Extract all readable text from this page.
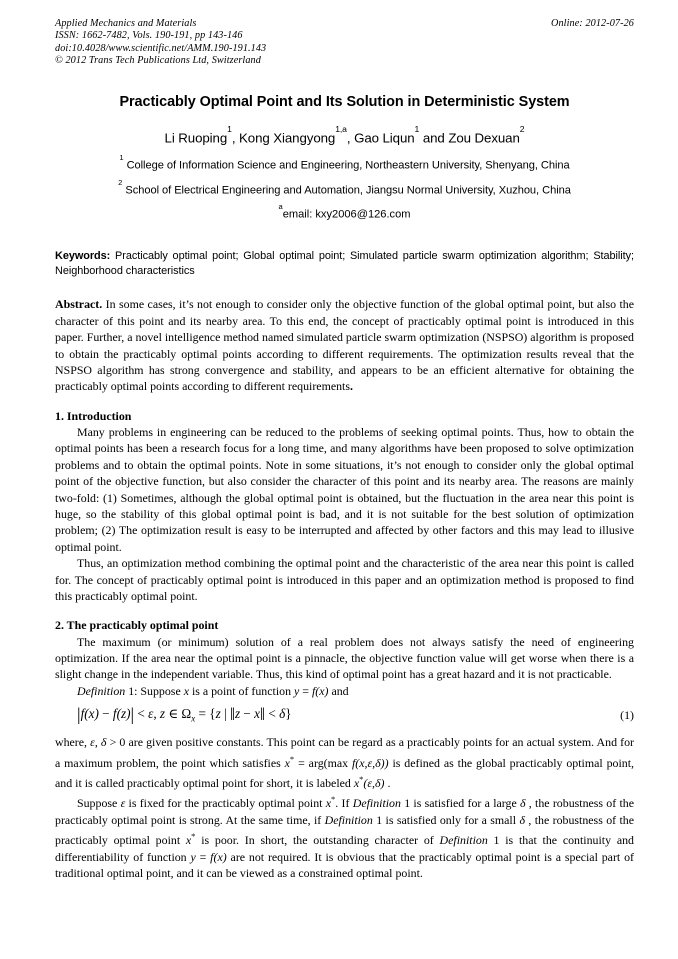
Applied Mechanics and Materials
ISSN: 1662-7482, Vols. 190-191, pp 143-146
doi:10.4028/www.scientific.net/AMM.190-191.143
© 2012 Trans Tech Publications Ltd, Switzerland
Online: 2012-07-26
Practicably Optimal Point and Its Solution in Deterministic System
Li Ruoping$^1$, Kong Xiangyong$^{1,a}$, Gao Liqun$^1$ and Zou Dexuan$^2$
$^1$ College of Information Science and Engineering, Northeastern University, Shenyang, China
$^2$ School of Electrical Engineering and Automation, Jiangsu Normal University, Xuzhou, China
$^a$email: kxy2006@126.com
Keywords: Practicably optimal point; Global optimal point; Simulated particle swarm optimization algorithm; Stability; Neighborhood characteristics
Abstract. In some cases, it’s not enough to consider only the objective function of the global optimal point, but also the character of this point and its nearby area. To this end, the concept of practicably optimal point is introduced in this paper. Further, a novel intelligence method named simulated particle swarm optimization (NSPSO) algorithm is proposed to obtain the practicably optimal points according to different requirements. The optimization results reveal that the NSPSO algorithm has strong convergence and stability, and appears to be an efficient alternative for obtaining the practicably optimal points according to different requirements.
1. Introduction

Many problems in engineering can be reduced to the problems of seeking optimal points. Thus, how to obtain the optimal points has been a research focus for a long time, and many algorithms have been proposed to solve optimization problems and to obtain the optimal points. Note in some situations, it’s not enough to consider only the global optimal point of the objective function, but also consider the character of this point and its nearby area. The reasons are mainly two-fold: (1) Sometimes, although the global optimal point is obtained, but the fluctuation in the area near this point is huge, so the stability of this global optimal point is bad, and it is not suitable for the best solution of optimization problem; (2) The optimization result is easy to be interrupted and affected by other factors and this may lead to illusive optimal point.

Thus, an optimization method combining the optimal point and the characteristic of the area near this point is called for. The concept of practicably optimal point is introduced in this paper and an optimization method is proposed to find this practicably optimal point.

2. The practicably optimal point

The maximum (or minimum) solution of a real problem does not always satisfy the need of engineering optimization. If the area near the optimal point is a pinnacle, the objective function value will get worse when there is a slight change in the independent variable. Thus, this kind of optimal point has a great hazard and it is not practicable.

Definition 1: Suppose x is a point of function y = f(x) and

|f(x) − f(z)| < ε, z ∈ $\Omega_x = \{z$ | ‖z − x‖ < δ}	(1)

where, ε, δ > 0 are given positive constants. This point can be regard as a practicably points for an actual system. And for a maximum problem, the point which satisfies x* = arg(max f(x,ε,δ)) is defined as the global practicably optimal point, and it is called practicably optimal point for short, it is labeled x*(ε,δ) .

Suppose ε is fixed for the practicably optimal point x*. If Definition 1 is satisfied for a large δ , the robustness of the practicably optimal point is strong. At the same time, if Definition 1 is satisfied only for a small δ , the robustness of the practicably optimal point x* is poor. In short, the outstanding character of Definition 1 is that the continuity and differentiability of function y = f(x) are not required. It is obvious that the practicably optimal point is a special part of traditional optimal point, and it can be viewed as a constrained optimal point.
